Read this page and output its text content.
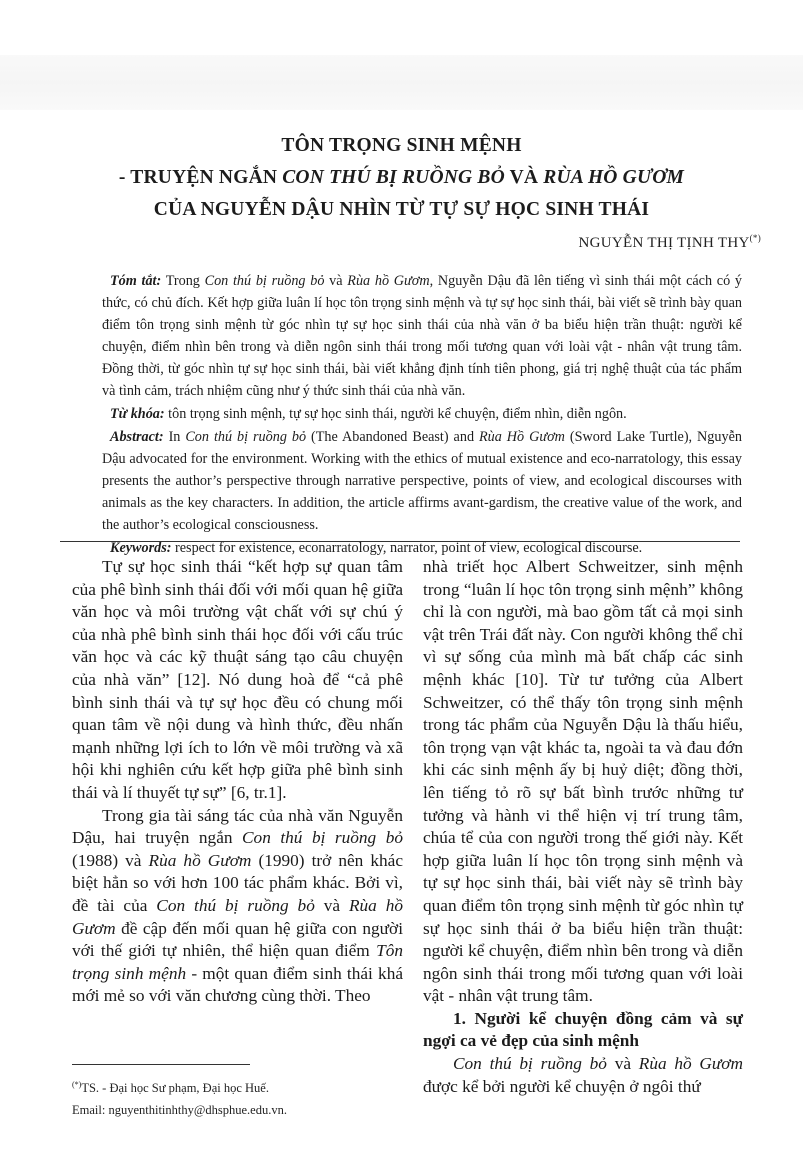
TÔN TRỌNG SINH MỆNH
- TRUYỆN NGẮN CON THÚ BỊ RUỒNG BỎ VÀ RÙA HỒ GƯƠM
CỦA NGUYỄN DẬU NHÌN TỪ TỰ SỰ HỌC SINH THÁI
NGUYỄN THỊ TỊNH THY(*)

Tóm tắt: Trong Con thú bị ruồng bỏ và Rùa hồ Gươm, Nguyễn Dậu đã lên tiếng vì sinh thái một cách có ý thức, có chủ đích. Kết hợp giữa luân lí học tôn trọng sinh mệnh và tự sự học sinh thái, bài viết sẽ trình bày quan điểm tôn trọng sinh mệnh từ góc nhìn tự sự học sinh thái của nhà văn ở ba biểu hiện trần thuật: người kể chuyện, điểm nhìn bên trong và diễn ngôn sinh thái trong mối tương quan với loài vật - nhân vật trung tâm. Đồng thời, từ góc nhìn tự sự học sinh thái, bài viết khẳng định tính tiên phong, giá trị nghệ thuật của tác phẩm và tình cảm, trách nhiệm cũng như ý thức sinh thái của nhà văn.

Từ khóa: tôn trọng sinh mệnh, tự sự học sinh thái, người kể chuyện, điểm nhìn, diễn ngôn.

Abstract: In Con thú bị ruồng bỏ (The Abandoned Beast) and Rùa Hồ Gươm (Sword Lake Turtle), Nguyễn Dậu advocated for the environment. Working with the ethics of mutual existence and eco-narratology, this essay presents the author’s perspective through narrative perspective, points of view, and ecological discourses with animals as the key characters. In addition, the article affirms avant-gardism, the creative value of the work, and the author’s ecological consciousness.

Keywords: respect for existence, econarratology, narrator, point of view, ecological discourse.

Tự sự học sinh thái “kết hợp sự quan tâm của phê bình sinh thái đối với mối quan hệ giữa văn học và môi trường vật chất với sự chú ý của nhà phê bình sinh thái học đối với cấu trúc văn học và các kỹ thuật sáng tạo câu chuyện của nhà văn” [12]. Nó dung hoà để “cả phê bình sinh thái và tự sự học đều có chung mối quan tâm về nội dung và hình thức, đều nhấn mạnh những lợi ích to lớn về môi trường và xã hội khi nghiên cứu kết hợp giữa phê bình sinh thái và lí thuyết tự sự” [6, tr.1].

Trong gia tài sáng tác của nhà văn Nguyễn Dậu, hai truyện ngắn Con thú bị ruồng bỏ (1988) và Rùa hồ Gươm (1990) trở nên khác biệt hẳn so với hơn 100 tác phẩm khác. Bởi vì, đề tài của Con thú bị ruồng bỏ và Rùa hồ Gươm đề cập đến mối quan hệ giữa con người với thế giới tự nhiên, thể hiện quan điểm Tôn trọng sinh mệnh - một quan điểm sinh thái khá mới mẻ so với văn chương cùng thời. Theo

nhà triết học Albert Schweitzer, sinh mệnh trong “luân lí học tôn trọng sinh mệnh” không chỉ là con người, mà bao gồm tất cả mọi sinh vật trên Trái đất này. Con người không thể chỉ vì sự sống của mình mà bất chấp các sinh mệnh khác [10]. Từ tư tưởng của Albert Schweitzer, có thể thấy tôn trọng sinh mệnh trong tác phẩm của Nguyễn Dậu là thấu hiểu, tôn trọng vạn vật khác ta, ngoài ta và đau đớn khi các sinh mệnh ấy bị huỷ diệt; đồng thời, lên tiếng tỏ rõ sự bất bình trước những tư tưởng và hành vi thể hiện vị trí trung tâm, chúa tể của con người trong thế giới này. Kết hợp giữa luân lí học tôn trọng sinh mệnh và tự sự học sinh thái, bài viết này sẽ trình bày quan điểm tôn trọng sinh mệnh từ góc nhìn tự sự học sinh thái ở ba biểu hiện trần thuật: người kể chuyện, điểm nhìn bên trong và diễn ngôn sinh thái trong mối tương quan với loài vật - nhân vật trung tâm.

1. Người kể chuyện đồng cảm và sự ngợi ca vẻ đẹp của sinh mệnh

Con thú bị ruồng bỏ và Rùa hồ Gươm được kể bởi người kể chuyện ở ngôi thứ

(*)TS. - Đại học Sư phạm, Đại học Huế.
Email: nguyenthitinhthy@dhsphue.edu.vn.
